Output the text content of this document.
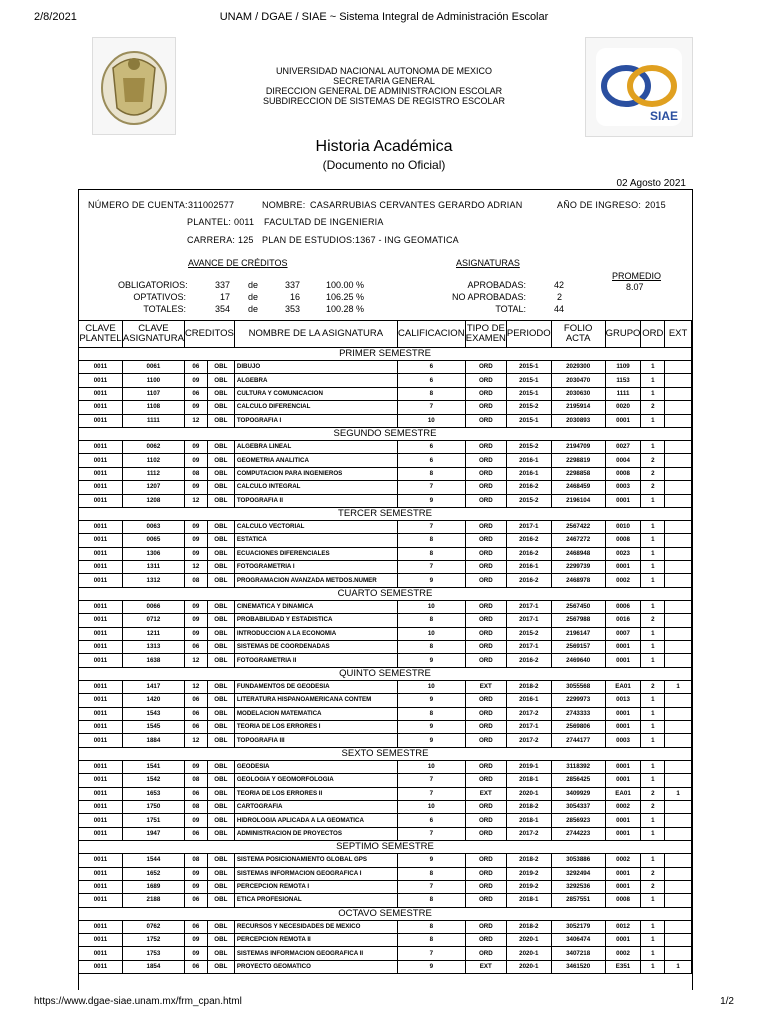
2/8/2021	UNAM / DGAE / SIAE ~ Sistema Integral de Administración Escolar
SIAE
UNIVERSIDAD NACIONAL AUTONOMA DE MEXICO
SECRETARIA GENERAL
DIRECCION GENERAL DE ADMINISTRACION ESCOLAR
SUBDIRECCION DE SISTEMAS DE REGISTRO ESCOLAR
Historia Académica
(Documento no Oficial)
02 Agosto 2021
NÚMERO DE CUENTA: 311002577	NOMBRE: CASARRUBIAS CERVANTES GERARDO ADRIAN	AÑO DE INGRESO: 2015
PLANTEL: 0011 FACULTAD DE INGENIERIA
CARRERA: 125 PLAN DE ESTUDIOS: 1367 - ING GEOMATICA
AVANCE DE CRÉDITOS	ASIGNATURAS
PROMEDIO
8.07
OBLIGATORIOS:	337 de	337	100.00 %
OPTATIVOS:	17 de	16	106.25 %
TOTALES:	354 de	353	100.28 %
APROBADAS:	42
NO APROBADAS:	2
TOTAL:	44
CLAVE PLANTEL	CLAVE ASIGNATURA	CREDITOS		NOMBRE DE LA ASIGNATURA	CALIFICACION	TIPO DE EXAMEN	PERIODO	FOLIO ACTA	GRUPO	ORD	EXT
PRIMER SEMESTRE											
0011	0061	06	OBL	DIBUJO	6	ORD	2015-1	2029300	1109	1	
0011	1100	09	OBL	ALGEBRA	6	ORD	2015-1	2030470	1153	1	
0011	1107	06	OBL	CULTURA Y COMUNICACION	8	ORD	2015-1	2030630	1111	1	
0011	1108	09	OBL	CALCULO DIFERENCIAL	7	ORD	2015-2	2195914	0020	2	
0011	1111	12	OBL	TOPOGRAFIA I	10	ORD	2015-1	2030893	0001	1	
SEGUNDO SEMESTRE											
0011	0062	09	OBL	ALGEBRA LINEAL	6	ORD	2015-2	2194709	0027	1	
0011	1102	09	OBL	GEOMETRIA ANALITICA	6	ORD	2016-1	2298819	0004	2	
0011	1112	08	OBL	COMPUTACION PARA INGENIEROS	8	ORD	2016-1	2298858	0008	2	
0011	1207	09	OBL	CALCULO INTEGRAL	7	ORD	2016-2	2468459	0003	2	
0011	1208	12	OBL	TOPOGRAFIA II	9	ORD	2015-2	2196104	0001	1	
TERCER SEMESTRE											
0011	0063	09	OBL	CALCULO VECTORIAL	7	ORD	2017-1	2567422	0010	1	
0011	0065	09	OBL	ESTATICA	8	ORD	2016-2	2467272	0008	1	
0011	1306	09	OBL	ECUACIONES DIFERENCIALES	8	ORD	2016-2	2468948	0023	1	
0011	1311	12	OBL	FOTOGRAMETRIA I	7	ORD	2016-1	2299739	0001	1	
0011	1312	08	OBL	PROGRAMACION AVANZADA METDOS.NUMER	9	ORD	2016-2	2468978	0002	1	
CUARTO SEMESTRE											
0011	0066	09	OBL	CINEMATICA Y DINAMICA	10	ORD	2017-1	2567450	0006	1	
0011	0712	09	OBL	PROBABILIDAD Y ESTADISTICA	8	ORD	2017-1	2567988	0016	2	
0011	1211	09	OBL	INTRODUCCION A LA ECONOMIA	10	ORD	2015-2	2196147	0007	1	
0011	1313	06	OBL	SISTEMAS DE COORDENADAS	8	ORD	2017-1	2569157	0001	1	
0011	1638	12	OBL	FOTOGRAMETRIA II	9	ORD	2016-2	2469640	0001	1	
QUINTO SEMESTRE											
0011	1417	12	OBL	FUNDAMENTOS DE GEODESIA	10	EXT	2018-2	3055568	EA01	2	1
0011	1420	06	OBL	LITERATURA HISPANOAMERICANA CONTEM	9	ORD	2016-1	2299973	0013	1	
0011	1543	06	OBL	MODELACION MATEMATICA	8	ORD	2017-2	2743333	0001	1	
0011	1545	06	OBL	TEORIA DE LOS ERRORES I	9	ORD	2017-1	2569806	0001	1	
0011	1884	12	OBL	TOPOGRAFIA III	9	ORD	2017-2	2744177	0003	1	
SEXTO SEMESTRE											
0011	1541	09	OBL	GEODESIA	10	ORD	2019-1	3118392	0001	1	
0011	1542	08	OBL	GEOLOGIA Y GEOMORFOLOGIA	7	ORD	2018-1	2856425	0001	1	
0011	1653	06	OBL	TEORIA DE LOS ERRORES II	7	EXT	2020-1	3409929	EA01	2	1
0011	1750	08	OBL	CARTOGRAFIA	10	ORD	2018-2	3054337	0002	2	
0011	1751	09	OBL	HIDROLOGIA APLICADA A LA GEOMATICA	6	ORD	2018-1	2856923	0001	1	
0011	1947	06	OBL	ADMINISTRACION DE PROYECTOS	7	ORD	2017-2	2744223	0001	1	
SEPTIMO SEMESTRE											
0011	1544	08	OBL	SISTEMA POSICIONAMIENTO GLOBAL GPS	9	ORD	2018-2	3053886	0002	1	
0011	1652	09	OBL	SISTEMAS INFORMACION GEOGRAFICA I	8	ORD	2019-2	3292494	0001	2	
0011	1689	09	OBL	PERCEPCION REMOTA I	7	ORD	2019-2	3292536	0001	2	
0011	2188	06	OBL	ETICA PROFESIONAL	8	ORD	2018-1	2857551	0008	1	
OCTAVO SEMESTRE											
0011	0762	06	OBL	RECURSOS Y NECESIDADES DE MEXICO	8	ORD	2018-2	3052179	0012	1	
0011	1752	09	OBL	PERCEPCION REMOTA II	8	ORD	2020-1	3406474	0001	1	
0011	1753	09	OBL	SISTEMAS INFORMACION GEOGRAFICA II	7	ORD	2020-1	3407218	0002	1	
0011	1854	06	OBL	PROYECTO GEOMATICO	9	EXT	2020-1	3461520	E351	1	1
https://www.dgae-siae.unam.mx/frm_cpan.html	1/2
